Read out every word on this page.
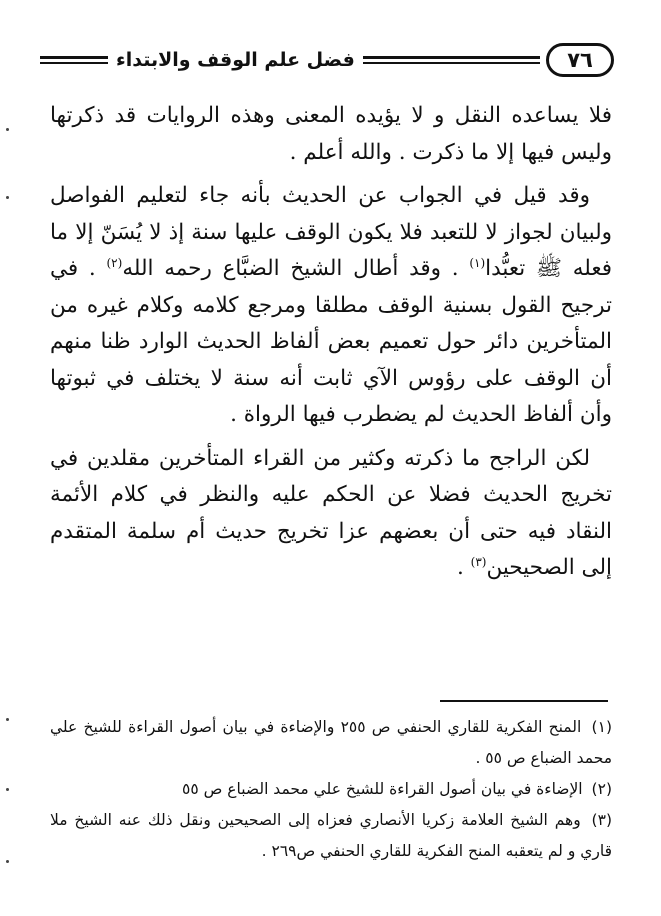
٧٦
فضل علم الوقف والابتداء

فلا يساعده النقل و لا يؤيده المعنى وهذه الروايات قد ذكرتها وليس فيها إلا ما ذكرت . والله أعلم .

وقد قيل في الجواب عن الحديث بأنه جاء لتعليم الفواصل ولبيان لجواز لا للتعبد فلا يكون الوقف عليها سنة إذ لا يُسَنّ إلا ما فعله ﷺ تعبُّدا$^{(١)}$ . وقد أطال الشيخ الضبَّاع رحمه الله$^{(٢)}$ . في ترجيح القول بسنية الوقف مطلقا ومرجع كلامه وكلام غيره من المتأخرين دائر حول تعميم بعض ألفاظ الحديث الوارد ظنا منهم أن الوقف على رؤوس الآي ثابت أنه سنة لا يختلف في ثبوتها وأن ألفاظ الحديث لم يضطرب فيها الرواة .

لكن الراجح ما ذكرته وكثير من القراء المتأخرين مقلدين في تخريج الحديث فضلا عن الحكم عليه والنظر في كلام الأئمة النقاد فيه حتى أن بعضهم عزا تخريج حديث أم سلمة المتقدم إلى الصحيحين$^{(٣)}$ .

(١) المنح الفكرية للقاري الحنفي ص ٢٥٥ والإضاءة في بيان أصول القراءة للشيخ علي محمد الضباع ص ٥٥ .

(٢) الإضاءة في بيان أصول القراءة للشيخ علي محمد الضباع ص ٥٥

(٣) وهم الشيخ العلامة زكريا الأنصاري فعزاه إلى الصحيحين ونقل ذلك عنه الشيخ ملا قاري و لم يتعقبه المنح الفكرية للقاري الحنفي ص٢٦٩ .
